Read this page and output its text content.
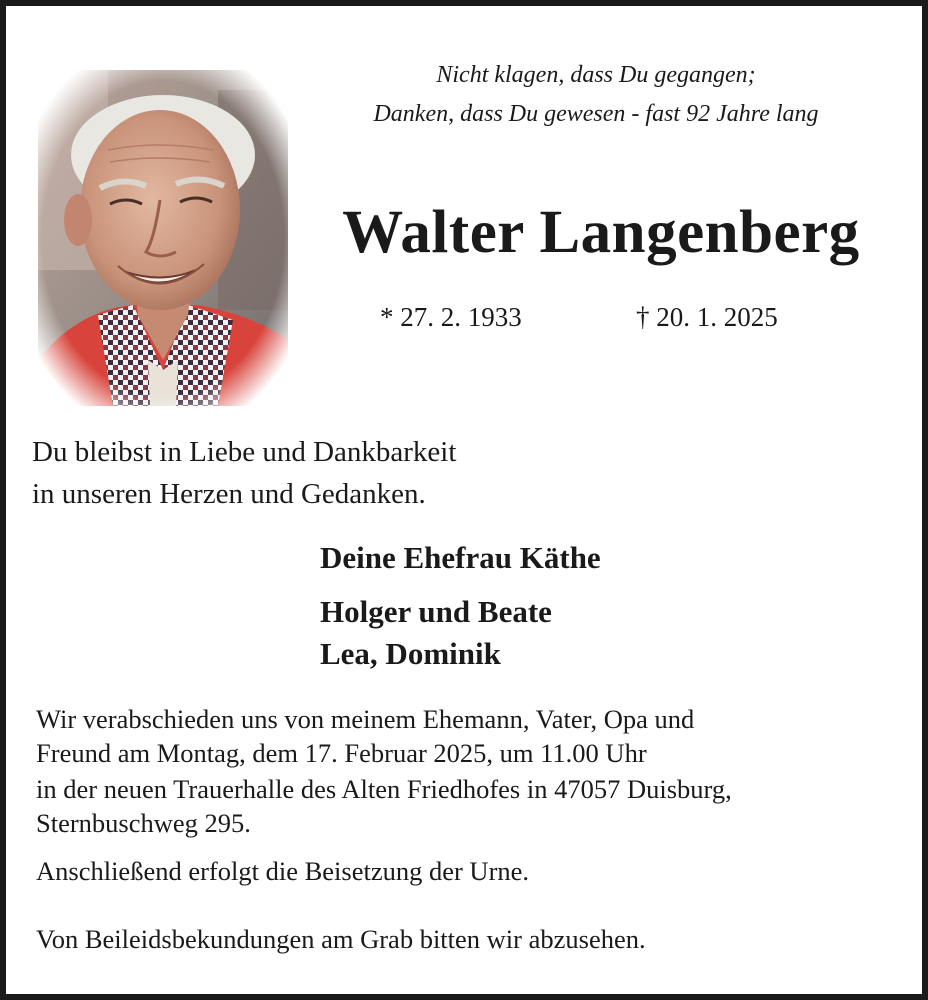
Nicht klagen, dass Du gegangen;
Danken, dass Du gewesen - fast 92 Jahre lang
Walter Langenberg
* 27. 2. 1933	† 20. 1. 2025
Du bleibst in Liebe und Dankbarkeit
in unseren Herzen und Gedanken.
Deine Ehefrau Käthe
Holger und Beate
Lea, Dominik
Wir verabschieden uns von meinem Ehemann, Vater, Opa und
Freund am Montag, dem 17. Februar 2025, um 11.00 Uhr
in der neuen Trauerhalle des Alten Friedhofes in 47057 Duisburg,
Sternbuschweg 295.
Anschließend erfolgt die Beisetzung der Urne.
Von Beileidsbekundungen am Grab bitten wir abzusehen.
